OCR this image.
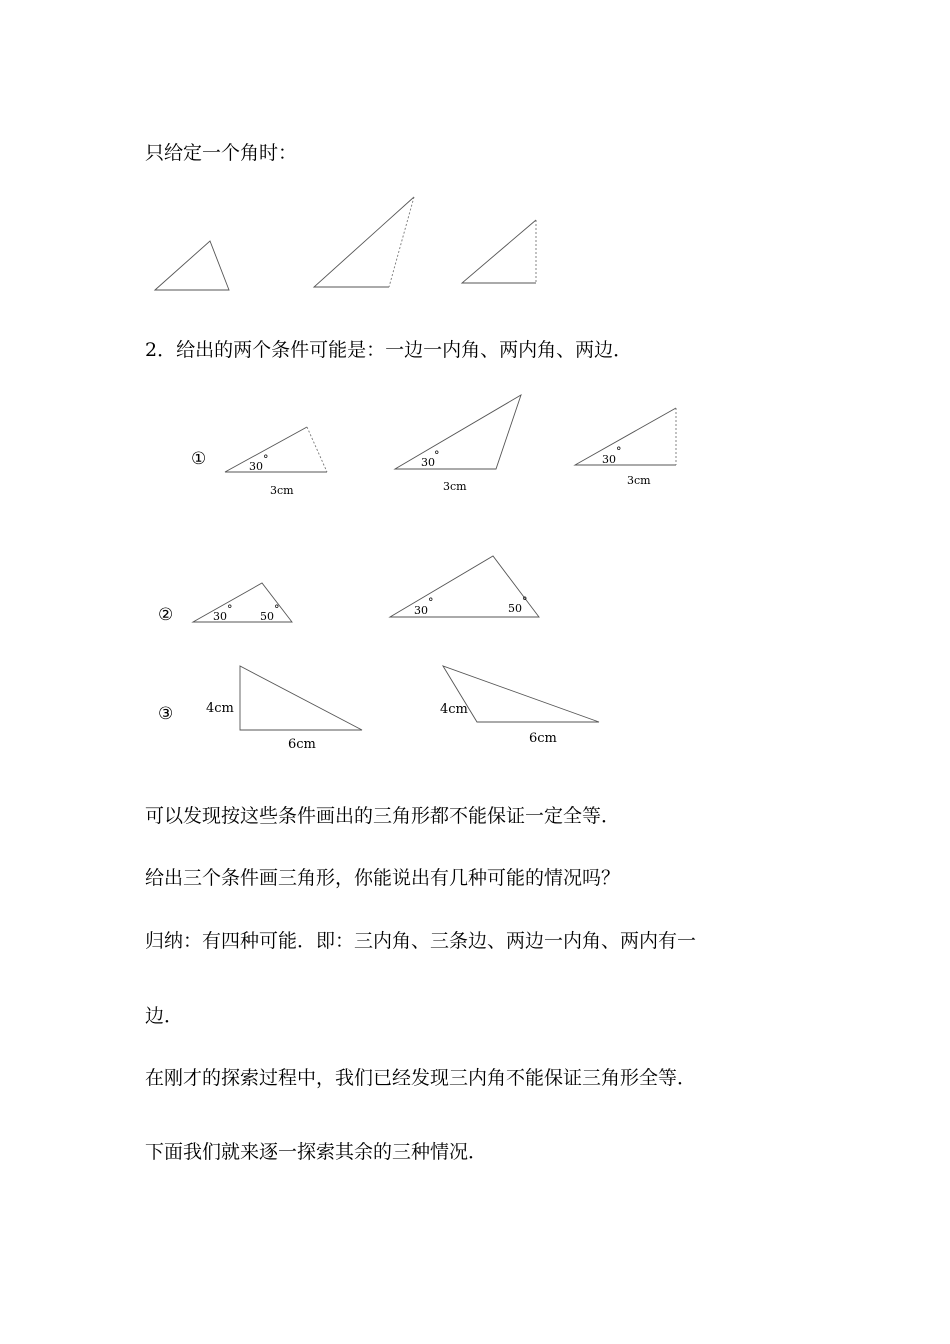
只给定一个角时：
①	30
°
3cm
30
°
3cm
30
°
3cm
②	30
°
50
°	30
°	50
°
③	4cm
6cm
4cm
6cm
2．给出的两个条件可能是：一边一内角、两内角、两边．
可以发现按这些条件画出的三角形都不能保证一定全等．
给出三个条件画三角形，你能说出有几种可能的情况吗？
归纳：有四种可能．即：三内角、三条边、两边一内角、两内有一
边．
在刚才的探索过程中，我们已经发现三内角不能保证三角形全等．
下面我们就来逐一探索其余的三种情况．
